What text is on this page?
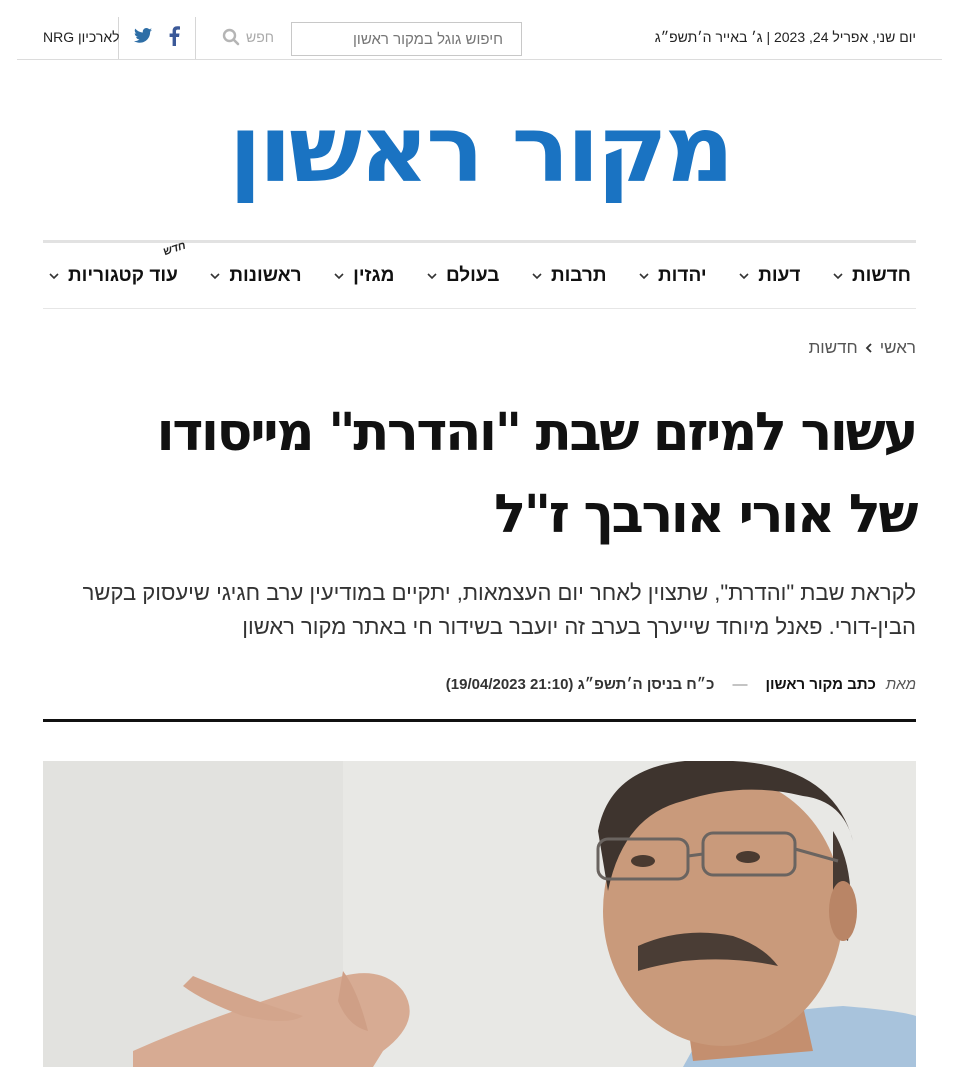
יום שני, אפריל 24, 2023 | ג׳ באייר ה׳תשפ״ג
חיפוש גוגל במקור ראשון
חפש
לארכיון NRG
מקור ראשון
חדשות
דעות
יהדות
תרבות
בעולם
מגזין
ראשונות
חדש
עוד קטגוריות
ראשי
חדשות
עשור למיזם שבת "והדרת" מייסודו של אורי אורבך ז"ל

לקראת שבת "והדרת", שתצוין לאחר יום העצמאות, יתקיים במודיעין ערב חגיגי שיעסוק בקשר הבין-דורי. פאנל מיוחד שייערך בערב זה יועבר בשידור חי באתר מקור ראשון

מאת
כתב מקור ראשון
—
כ״ח בניסן ה׳תשפ״ג (21:10 19/04/2023)
